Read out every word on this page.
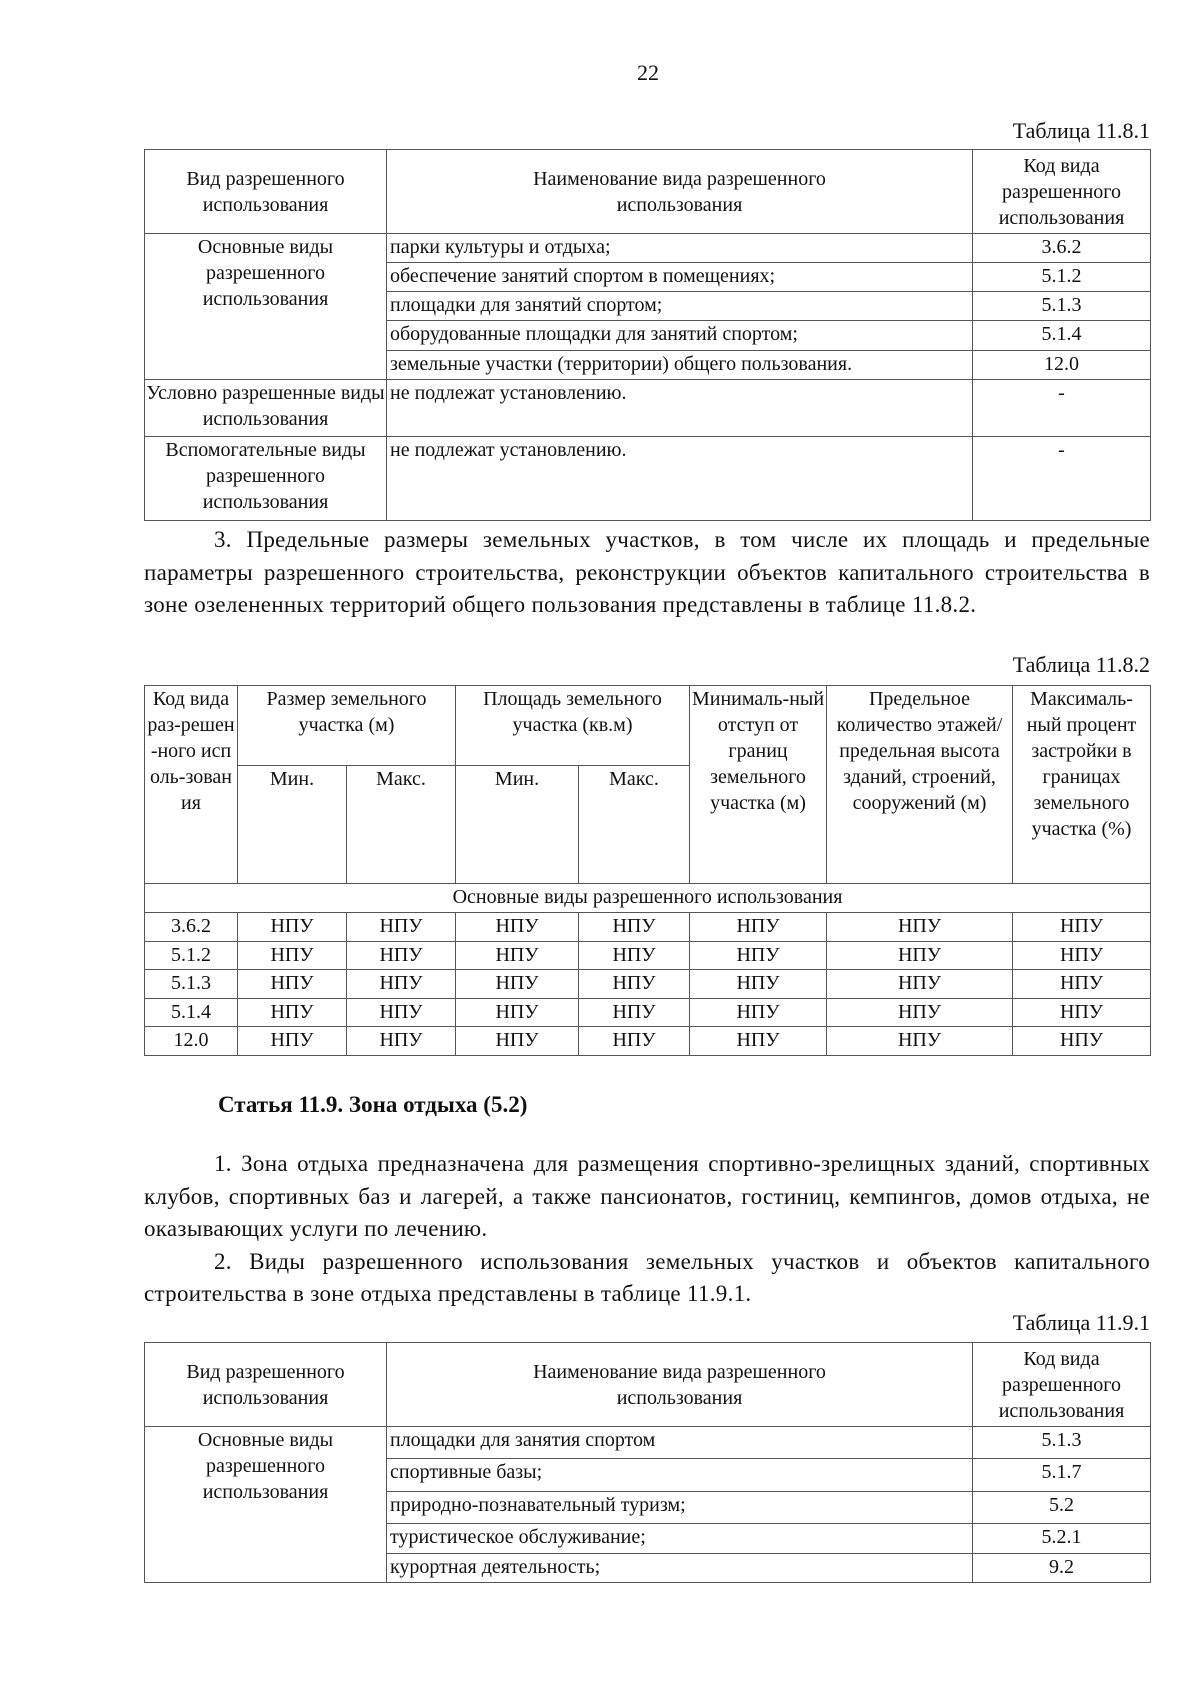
22
Таблица 11.8.1
Вид разрешенного использования	Наименование вида разрешенного использования	Код вида разрешенного использования
Основные виды разрешенного использования	парки культуры и отдыха;	3.6.2
	обеспечение занятий спортом в помещениях;	5.1.2
	площадки для занятий спортом;	5.1.3
	оборудованные площадки для занятий спортом;	5.1.4
	земельные участки (территории) общего пользования.	12.0

Условно разрешенные виды использования	не подлежат установлению.	-
Вспомогательные виды разрешенного использования	не подлежат установлению.	-

3. Предельные размеры земельных участков, в том числе их площадь и предельные параметры разрешенного строительства, реконструкции объектов капитального строительства в зоне озелененных территорий общего пользования представлены в таблице 11.8.2.

Таблица 11.8.2
Код вида раз-решен-ного исполь-зования	Размер земельного участка (м)		Площадь земельного участка (кв.м)		Минималь-ный отступ от границ земельного участка (м)	Предельное количество этажей/ предельная высота зданий, строений, сооружений (м)	Максималь-ный процент застройки в границах земельного участка (%)
	Мин.	Макс.	Мин.	Макс.			
Основные виды разрешенного использования							
3.6.2	НПУ	НПУ	НПУ	НПУ	НПУ	НПУ	НПУ
5.1.2	НПУ	НПУ	НПУ	НПУ	НПУ	НПУ	НПУ
5.1.3	НПУ	НПУ	НПУ	НПУ	НПУ	НПУ	НПУ
5.1.4	НПУ	НПУ	НПУ	НПУ	НПУ	НПУ	НПУ
12.0	НПУ	НПУ	НПУ	НПУ	НПУ	НПУ	НПУ
Статья 11.9. Зона отдыха (5.2)

1. Зона отдыха предназначена для размещения спортивно-зрелищных зданий, спортивных клубов, спортивных баз и лагерей, а также пансионатов, гостиниц, кемпингов, домов отдыха, не оказывающих услуги по лечению.

2. Виды разрешенного использования земельных участков и объектов капитального строительства в зоне отдыха представлены в таблице 11.9.1.

Таблица 11.9.1
Вид разрешенного использования	Наименование вида разрешенного использования	Код вида разрешенного использования
Основные виды разрешенного использования	площадки для занятия спортом	5.1.3
	спортивные базы;	5.1.7
	природно-познавательный туризм;	5.2
	туристическое обслуживание;	5.2.1
	курортная деятельность;	9.2
